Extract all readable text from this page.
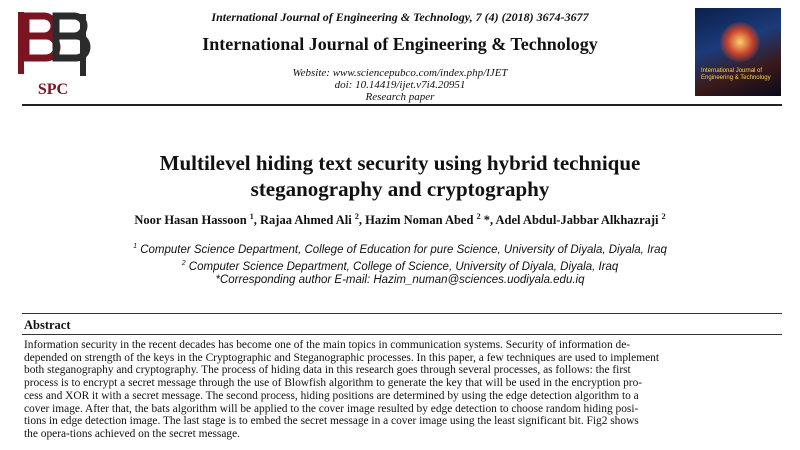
SPC
International Journal of Engineering & Technology
International Journal of Engineering & Technology, 7 (4) (2018) 3674-3677
International Journal of Engineering & Technology
Website: www.sciencepubco.com/index.php/IJET
doi: 10.14419/ijet.v7i4.20951
Research paper
Multilevel hiding text security using hybrid technique
steganography and cryptography
Noor Hasan Hassoon $^1$, Rajaa Ahmed Ali $^2$, Hazim Noman Abed $^2$ *, Adel Abdul-Jabbar Alkhazraji $^2$
$^1$ Computer Science Department, College of Education for pure Science, University of Diyala, Diyala, Iraq
$^2$ Computer Science Department, College of Science, University of Diyala, Diyala, Iraq
*Corresponding author E-mail: Hazim_numan@sciences.uodiyala.edu.iq
Abstract
Information security in the recent decades has become one of the main topics in communication systems. Security of information de-
depended on strength of the keys in the Cryptographic and Steganographic processes. In this paper, a few techniques are used to implement
both steganography and cryptography. The process of hiding data in this research goes through several processes, as follows: the first
process is to encrypt a secret message through the use of Blowfish algorithm to generate the key that will be used in the encryption pro-
cess and XOR it with a secret message. The second process, hiding positions are determined by using the edge detection algorithm to a
cover image. After that, the bats algorithm will be applied to the cover image resulted by edge detection to choose random hiding posi-
tions in edge detection image. The last stage is to embed the secret message in a cover image using the least significant bit. Fig2 shows
the opera-tions achieved on the secret message.
